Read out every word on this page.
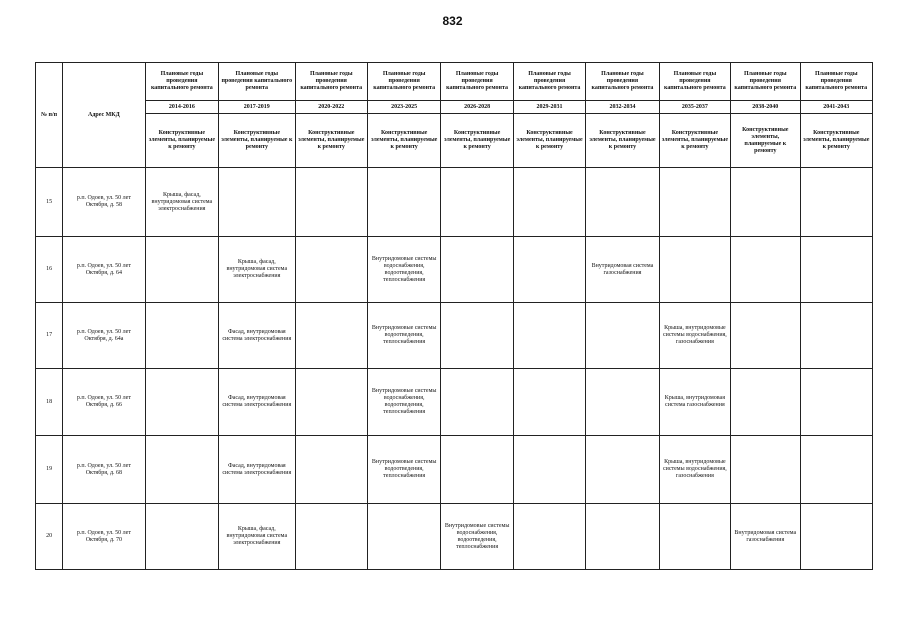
832
№ п/п	Адрес МКД	Плановые годы проведения капитального ремонта	Плановые годы проведения капитального ремонта	Плановые годы проведения капитального ремонта	Плановые годы проведения капитального ремонта	Плановые годы проведения капитального ремонта	Плановые годы проведения капитального ремонта	Плановые годы проведения капитального ремонта	Плановые годы проведения капитального ремонта	Плановые годы проведения капитального ремонта	Плановые годы проведения капитального ремонта
		2014-2016	2017-2019	2020-2022	2023-2025	2026-2028	2029-2031	2032-2034	2035-2037	2038-2040	2041-2043
		Конструктивные элементы, планируемые к ремонту	Конструктивные элементы, планируемые к ремонту	Конструктивные элементы, планируемые к ремонту	Конструктивные элементы, планируемые к ремонту	Конструктивные элементы, планируемые к ремонту	Конструктивные элементы, планируемые к ремонту	Конструктивные элементы, планируемые к ремонту	Конструктивные элементы, планируемые к ремонту	Конструктивные элементы, планируемые к ремонту	Конструктивные элементы, планируемые к ремонту
15	р.п. Одоев, ул. 50 лет Октября, д. 58	Крыша, фасад, внутридомовая система электроснабжения									
16	р.п. Одоев, ул. 50 лет Октября, д. 64		Крыша, фасад, внутридомовая система электроснабжения		Внутридомовые системы водоснабжения, водоотведения, теплоснабжения			Внутридомовая система газоснабжения			
17	р.п. Одоев, ул. 50 лет Октября, д. 64а		Фасад, внутридомовая система электроснабжения		Внутридомовые системы водоотведения, теплоснабжения				Крыша, внутридомовые системы водоснабжения, газоснабжения		
18	р.п. Одоев, ул. 50 лет Октября, д. 66		Фасад, внутридомовая система электроснабжения		Внутридомовые системы водоснабжения, водоотведения, теплоснабжения				Крыша, внутридомовая система газоснабжения		
19	р.п. Одоев, ул. 50 лет Октября, д. 68		Фасад, внутридомовая система электроснабжения		Внутридомовые системы водоотведения, теплоснабжения				Крыша, внутридомовые системы водоснабжения, газоснабжения		
20	р.п. Одоев, ул. 50 лет Октября, д. 70		Крыша, фасад, внутридомовая система электроснабжения			Внутридомовые системы водоснабжения, водоотведения, теплоснабжения				Внутридомовая система газоснабжения	
